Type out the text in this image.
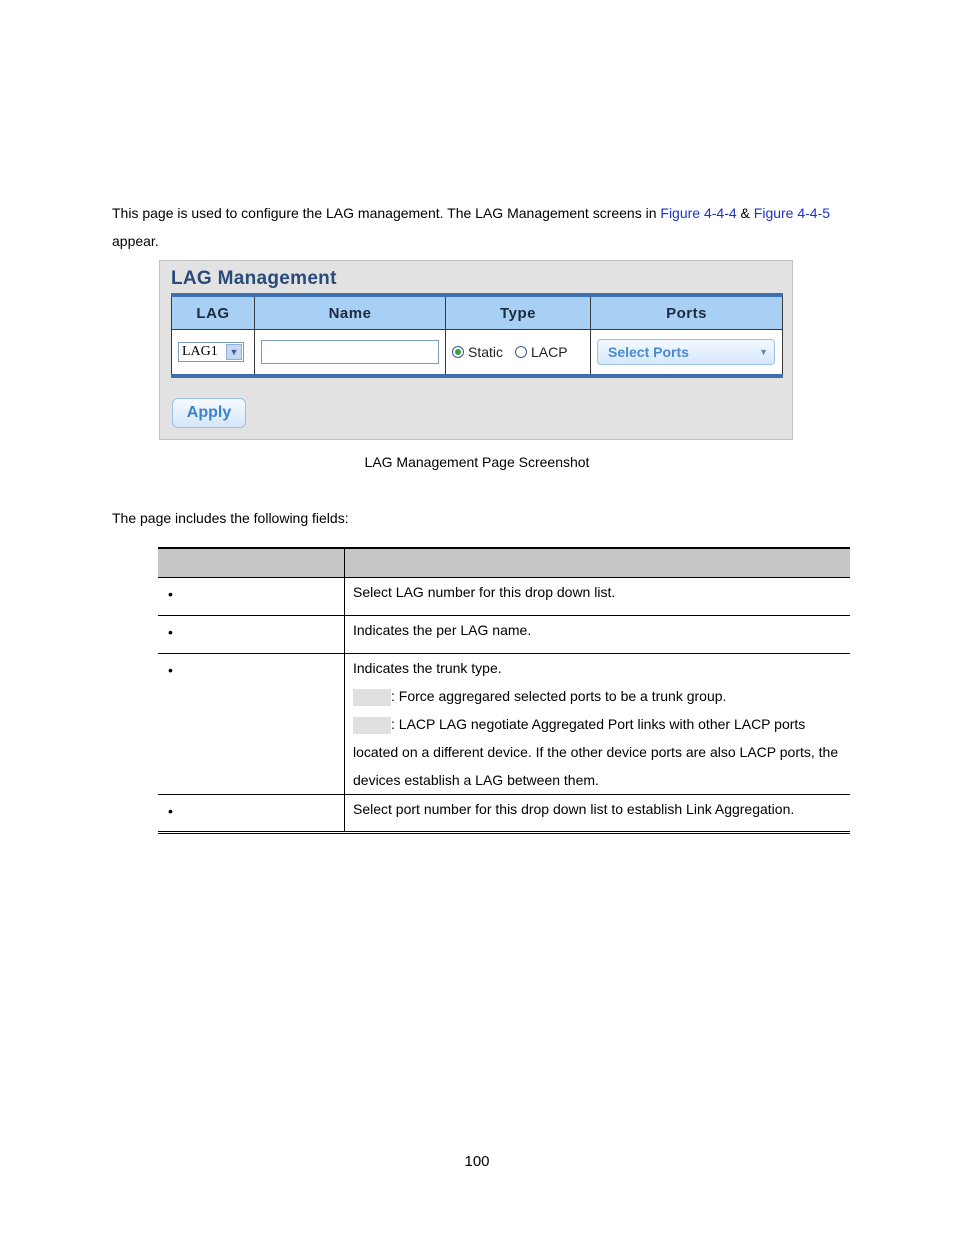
This page is used to configure the LAG management. The LAG Management screens in Figure 4-4-4 & Figure 4-4-5
appear.

LAG Management
LAG	Name	Type	Ports

LAG1 ▼		Static LACP	Select Ports ▼
Apply

LAG Management Page Screenshot

The page includes the following fields:

•	Select LAG number for this drop down list.

•	Indicates the per LAG name.

•	Indicates the trunk type.
: Force aggregared selected ports to be a trunk group.
: LACP LAG negotiate Aggregated Port links with other LACP ports
located on a different device. If the other device ports are also LACP ports, the
devices establish a LAG between them.

•	Select port number for this drop down list to establish Link Aggregation.

100
